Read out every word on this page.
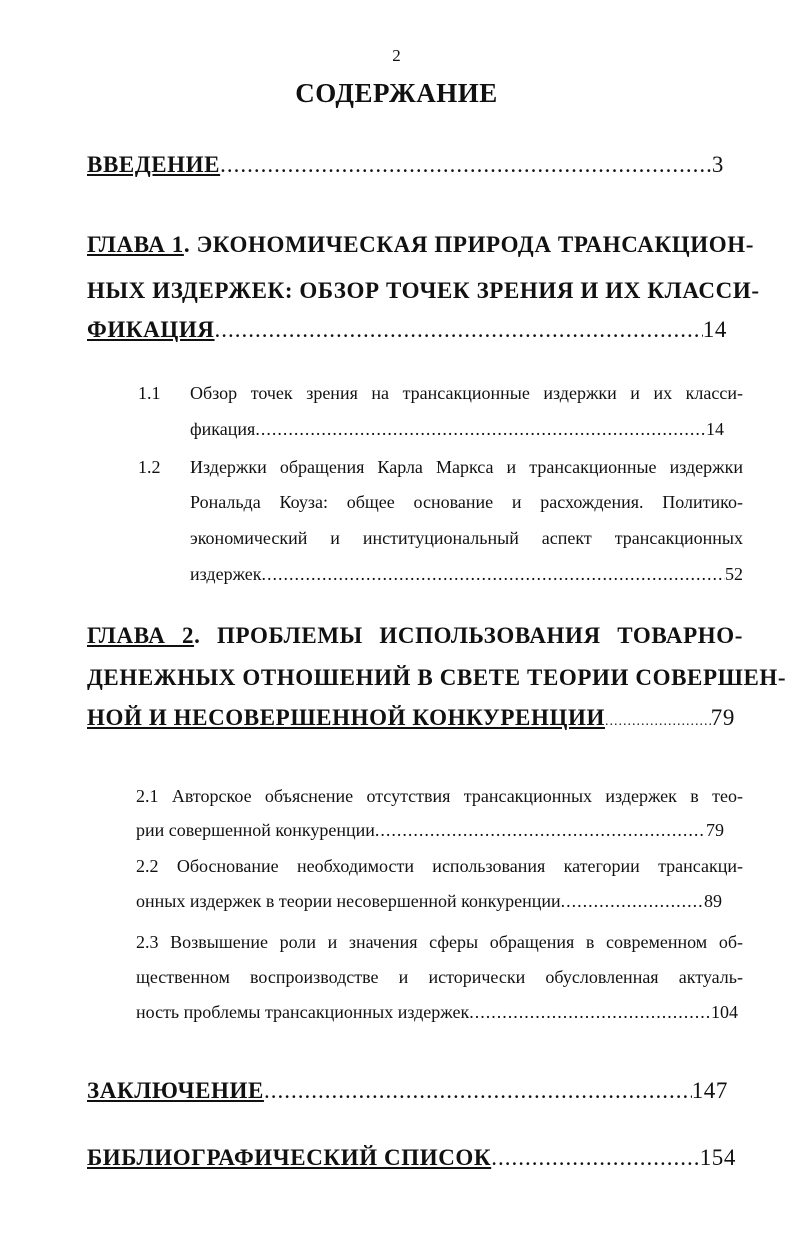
2
СОДЕРЖАНИЕ
ВВЕДЕНИЕ .....	3
ГЛАВА 1. ЭКОНОМИЧЕСКАЯ ПРИРОДА ТРАНСАКЦИОН-
НЫХ ИЗДЕРЖЕК: ОБЗОР ТОЧЕК ЗРЕНИЯ И ИХ КЛАССИ-
ФИКАЦИЯ .....	14
1.1 Обзор точек зрения на трансакционные издержки и их класси-
фикация .....	14
1.2 Издержки обращения Карла Маркса и трансакционные издержки
Рональда Коуза: общее основание и расхождения. Политико-
экономический и институциональный аспект трансакционных
издержек .....	52
ГЛАВА 2. ПРОБЛЕМЫ ИСПОЛЬЗОВАНИЯ ТОВАРНО-
ДЕНЕЖНЫХ ОТНОШЕНИЙ В СВЕТЕ ТЕОРИИ СОВЕРШЕН-
НОЙ И НЕСОВЕРШЕННОЙ КОНКУРЕНЦИИ .....	79
2.1 Авторское объяснение отсутствия трансакционных издержек в тео-
рии совершенной конкуренции .....	79
2.2 Обоснование необходимости использования категории трансакци-
онных издержек в теории несовершенной конкуренции .....	89
2.3 Возвышение роли и значения сферы обращения в современном об-
щественном воспроизводстве и исторически обусловленная актуаль-
ность проблемы трансакционных издержек .....	104
ЗАКЛЮЧЕНИЕ .....	147
БИБЛИОГРАФИЧЕСКИЙ СПИСОК .....	154
